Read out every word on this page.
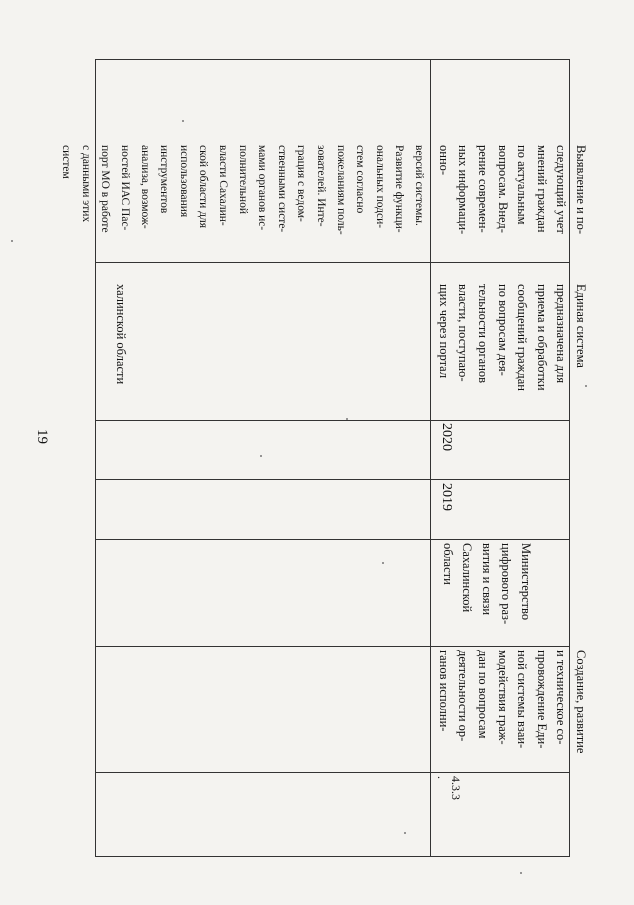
19
халинской области
версий системы.
Развитие функци-
ональных подси-
стем согласно
пожеланиям поль-
зователей. Инте-
грация с ведом-
ственными систе-
мами органов ис-
полнительной
власти Сахалин-
ской области для
использования
инструментов
анализа, возмож-
ностей ИАС Пас-
порт МО в работе
с данными этих
систем
4.3.3
.
Создание, развитие
и техническое со-
провождение Еди-
ной системы взаи-
модействия граж-
дан по вопросам
деятельности ор-
ганов исполни-
Министерство
цифрового раз-
вития и связи
Сахалинской
области
2019
2020
Единая система
предназначена для
приема и обработки
сообщений граждан
по вопросам дея-
тельности органов
власти, поступаю-
щих через портал
Выявление и по-
следующий учет
мнений граждан
по актуальным
вопросам. Внед-
рение современ-
ных информаци-
онно-
